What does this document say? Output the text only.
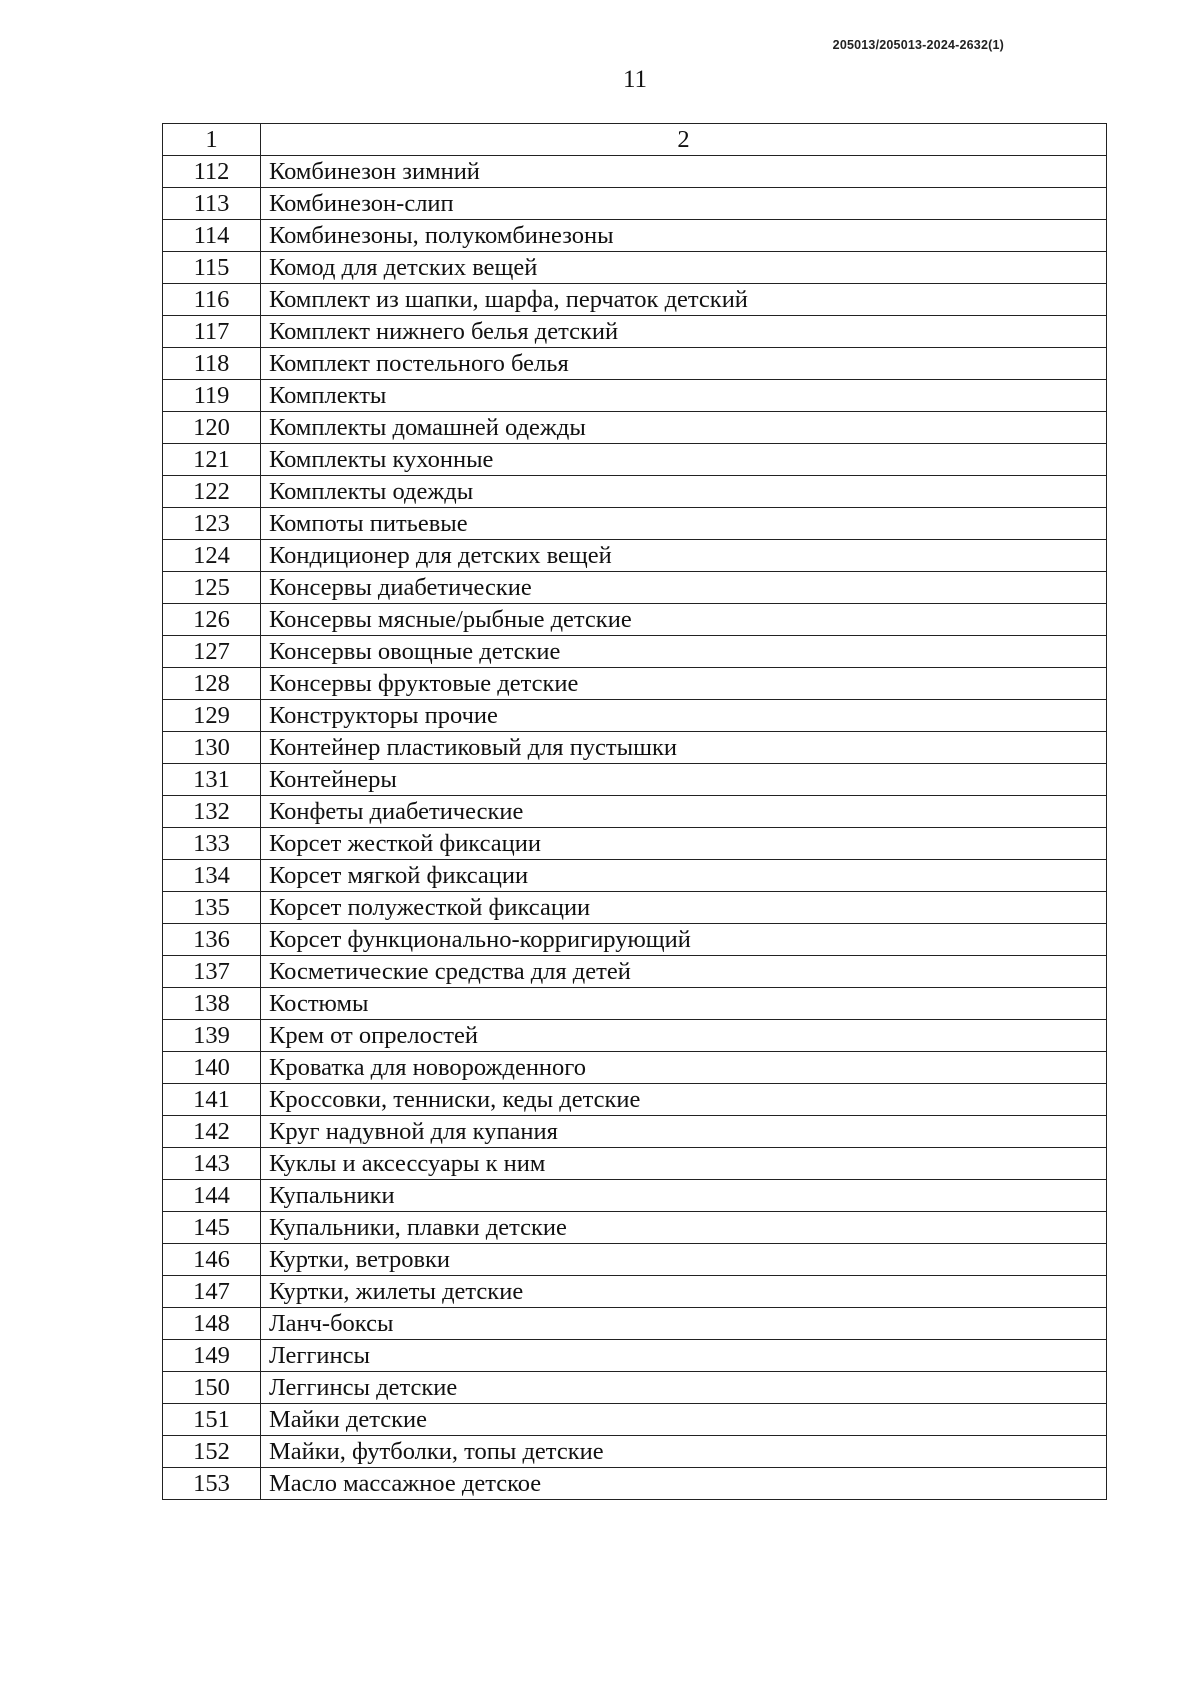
205013/205013-2024-2632(1)
11
1	2
112	Комбинезон зимний
113	Комбинезон-слип
114	Комбинезоны, полукомбинезоны
115	Комод для детских вещей
116	Комплект из шапки, шарфа, перчаток детский
117	Комплект нижнего белья детский
118	Комплект постельного белья
119	Комплекты
120	Комплекты домашней одежды
121	Комплекты кухонные
122	Комплекты одежды
123	Компоты питьевые
124	Кондиционер для детских вещей
125	Консервы диабетические
126	Консервы мясные/рыбные детские
127	Консервы овощные детские
128	Консервы фруктовые детские
129	Конструкторы прочие
130	Контейнер пластиковый для пустышки
131	Контейнеры
132	Конфеты диабетические
133	Корсет жесткой фиксации
134	Корсет мягкой фиксации
135	Корсет полужесткой фиксации
136	Корсет функционально-корригирующий
137	Косметические средства для детей
138	Костюмы
139	Крем от опрелостей
140	Кроватка для новорожденного
141	Кроссовки, тенниски, кеды детские
142	Круг надувной для купания
143	Куклы и аксессуары к ним
144	Купальники
145	Купальники, плавки детские
146	Куртки, ветровки
147	Куртки, жилеты детские
148	Ланч-боксы
149	Леггинсы
150	Леггинсы детские
151	Майки детские
152	Майки, футболки, топы детские
153	Масло массажное детское
